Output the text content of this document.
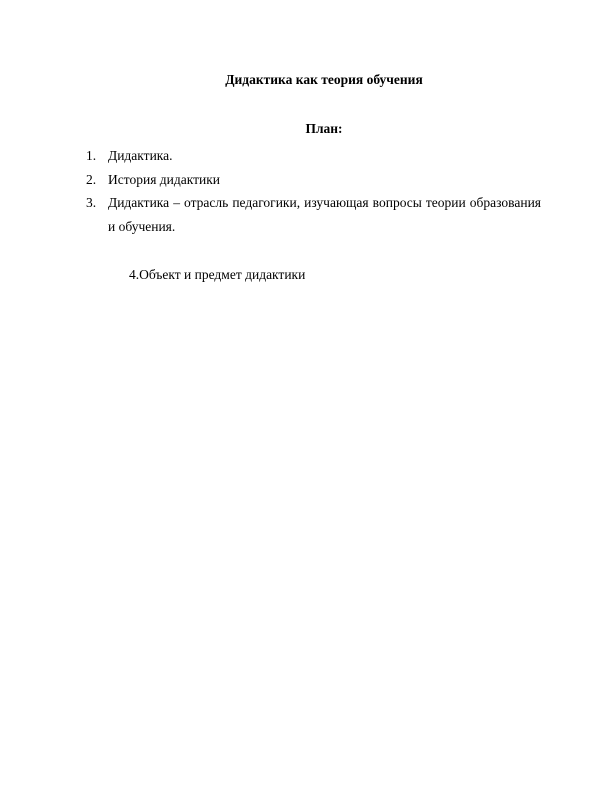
Дидактика как теория обучения
План:
1. Дидактика.
2. История дидактики
3. Дидактика – отрасль педагогики, изучающая вопросы теории образования и обучения.
4.Объект и предмет дидактики
